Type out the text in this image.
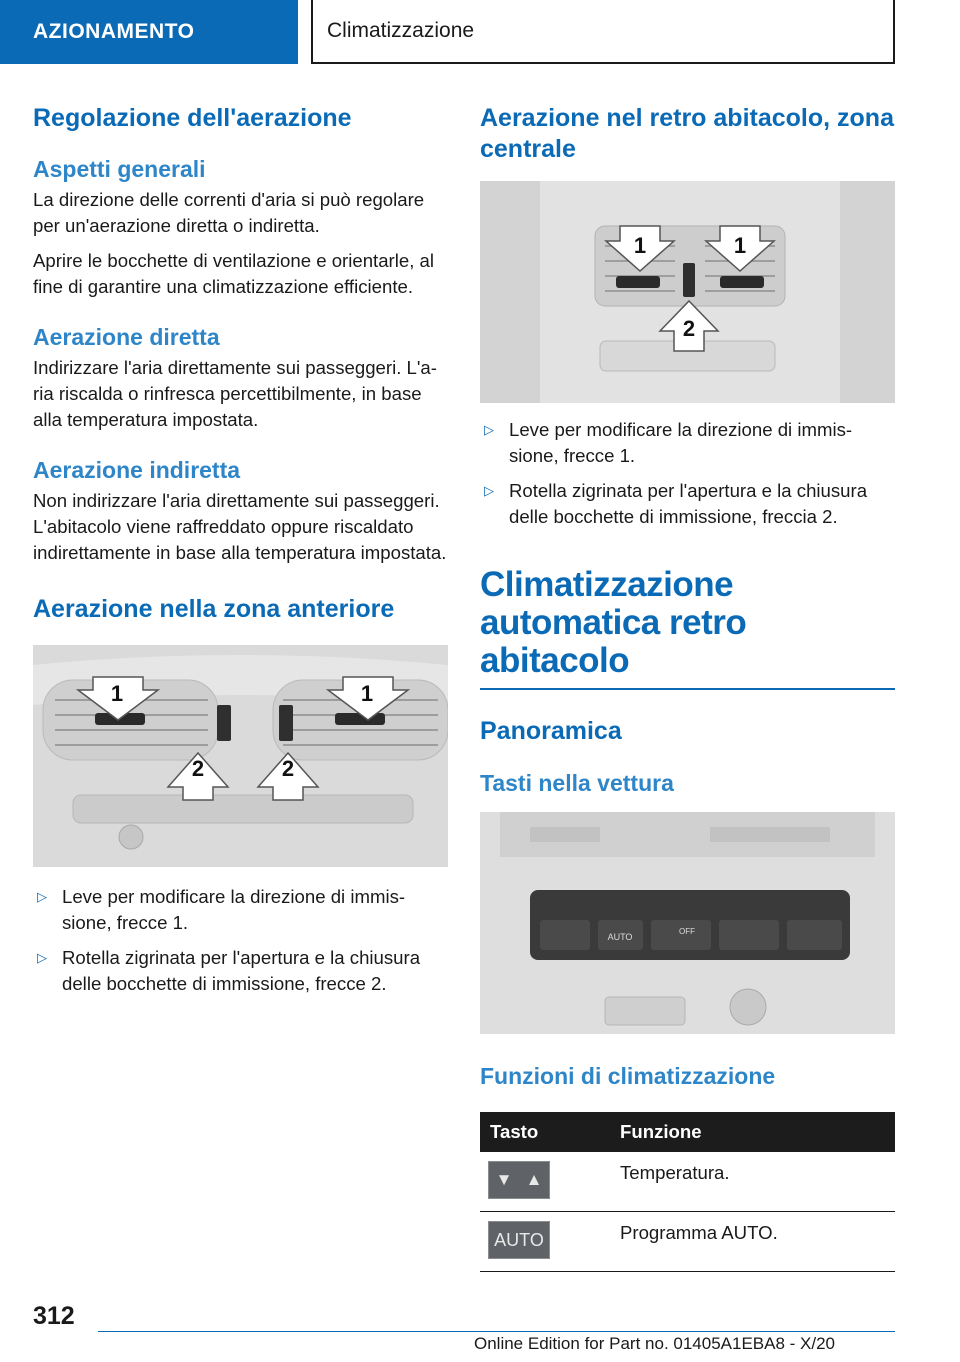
AZIONAMENTO	Climatizzazione
Regolazione dell'aerazione
Aspetti generali

La direzione delle correnti d'aria si può regolare per un'aerazione diretta o indiretta.

Aprire le bocchette di ventilazione e orientarle, al fine di garantire una climatizzazione efficiente.

Aerazione diretta

Indirizzare l'aria direttamente sui passeggeri. L'aria riscalda o rinfresca percettibilmente, in base alla temperatura impostata.

Aerazione indiretta

Non indirizzare l'aria direttamente sui passeggeri. L'abitacolo viene raffreddato oppure riscaldato indirettamente in base alla temperatura impostata.

Aerazione nella zona anteriore
1	1
2	2
▷ Leve per modificare la direzione di immissione, frecce 1.
▷ Rotella zigrinata per l'apertura e la chiusura delle bocchette di immissione, frecce 2.
Aerazione nel retro abitacolo, zona centrale
1	1
2
▷ Leve per modificare la direzione di immissione, frecce 1.
▷ Rotella zigrinata per l'apertura e la chiusura delle bocchette di immissione, freccia 2.
Climatizzazione automatica retro abitacolo
Panoramica
Tasti nella vettura
AUTO
OFF
Funzioni di climatizzazione
Tasto	Funzione

▼ ▲	Temperatura.

AUTO	Programma AUTO.
312
Online Edition for Part no. 01405A1EBA8 - X/20
